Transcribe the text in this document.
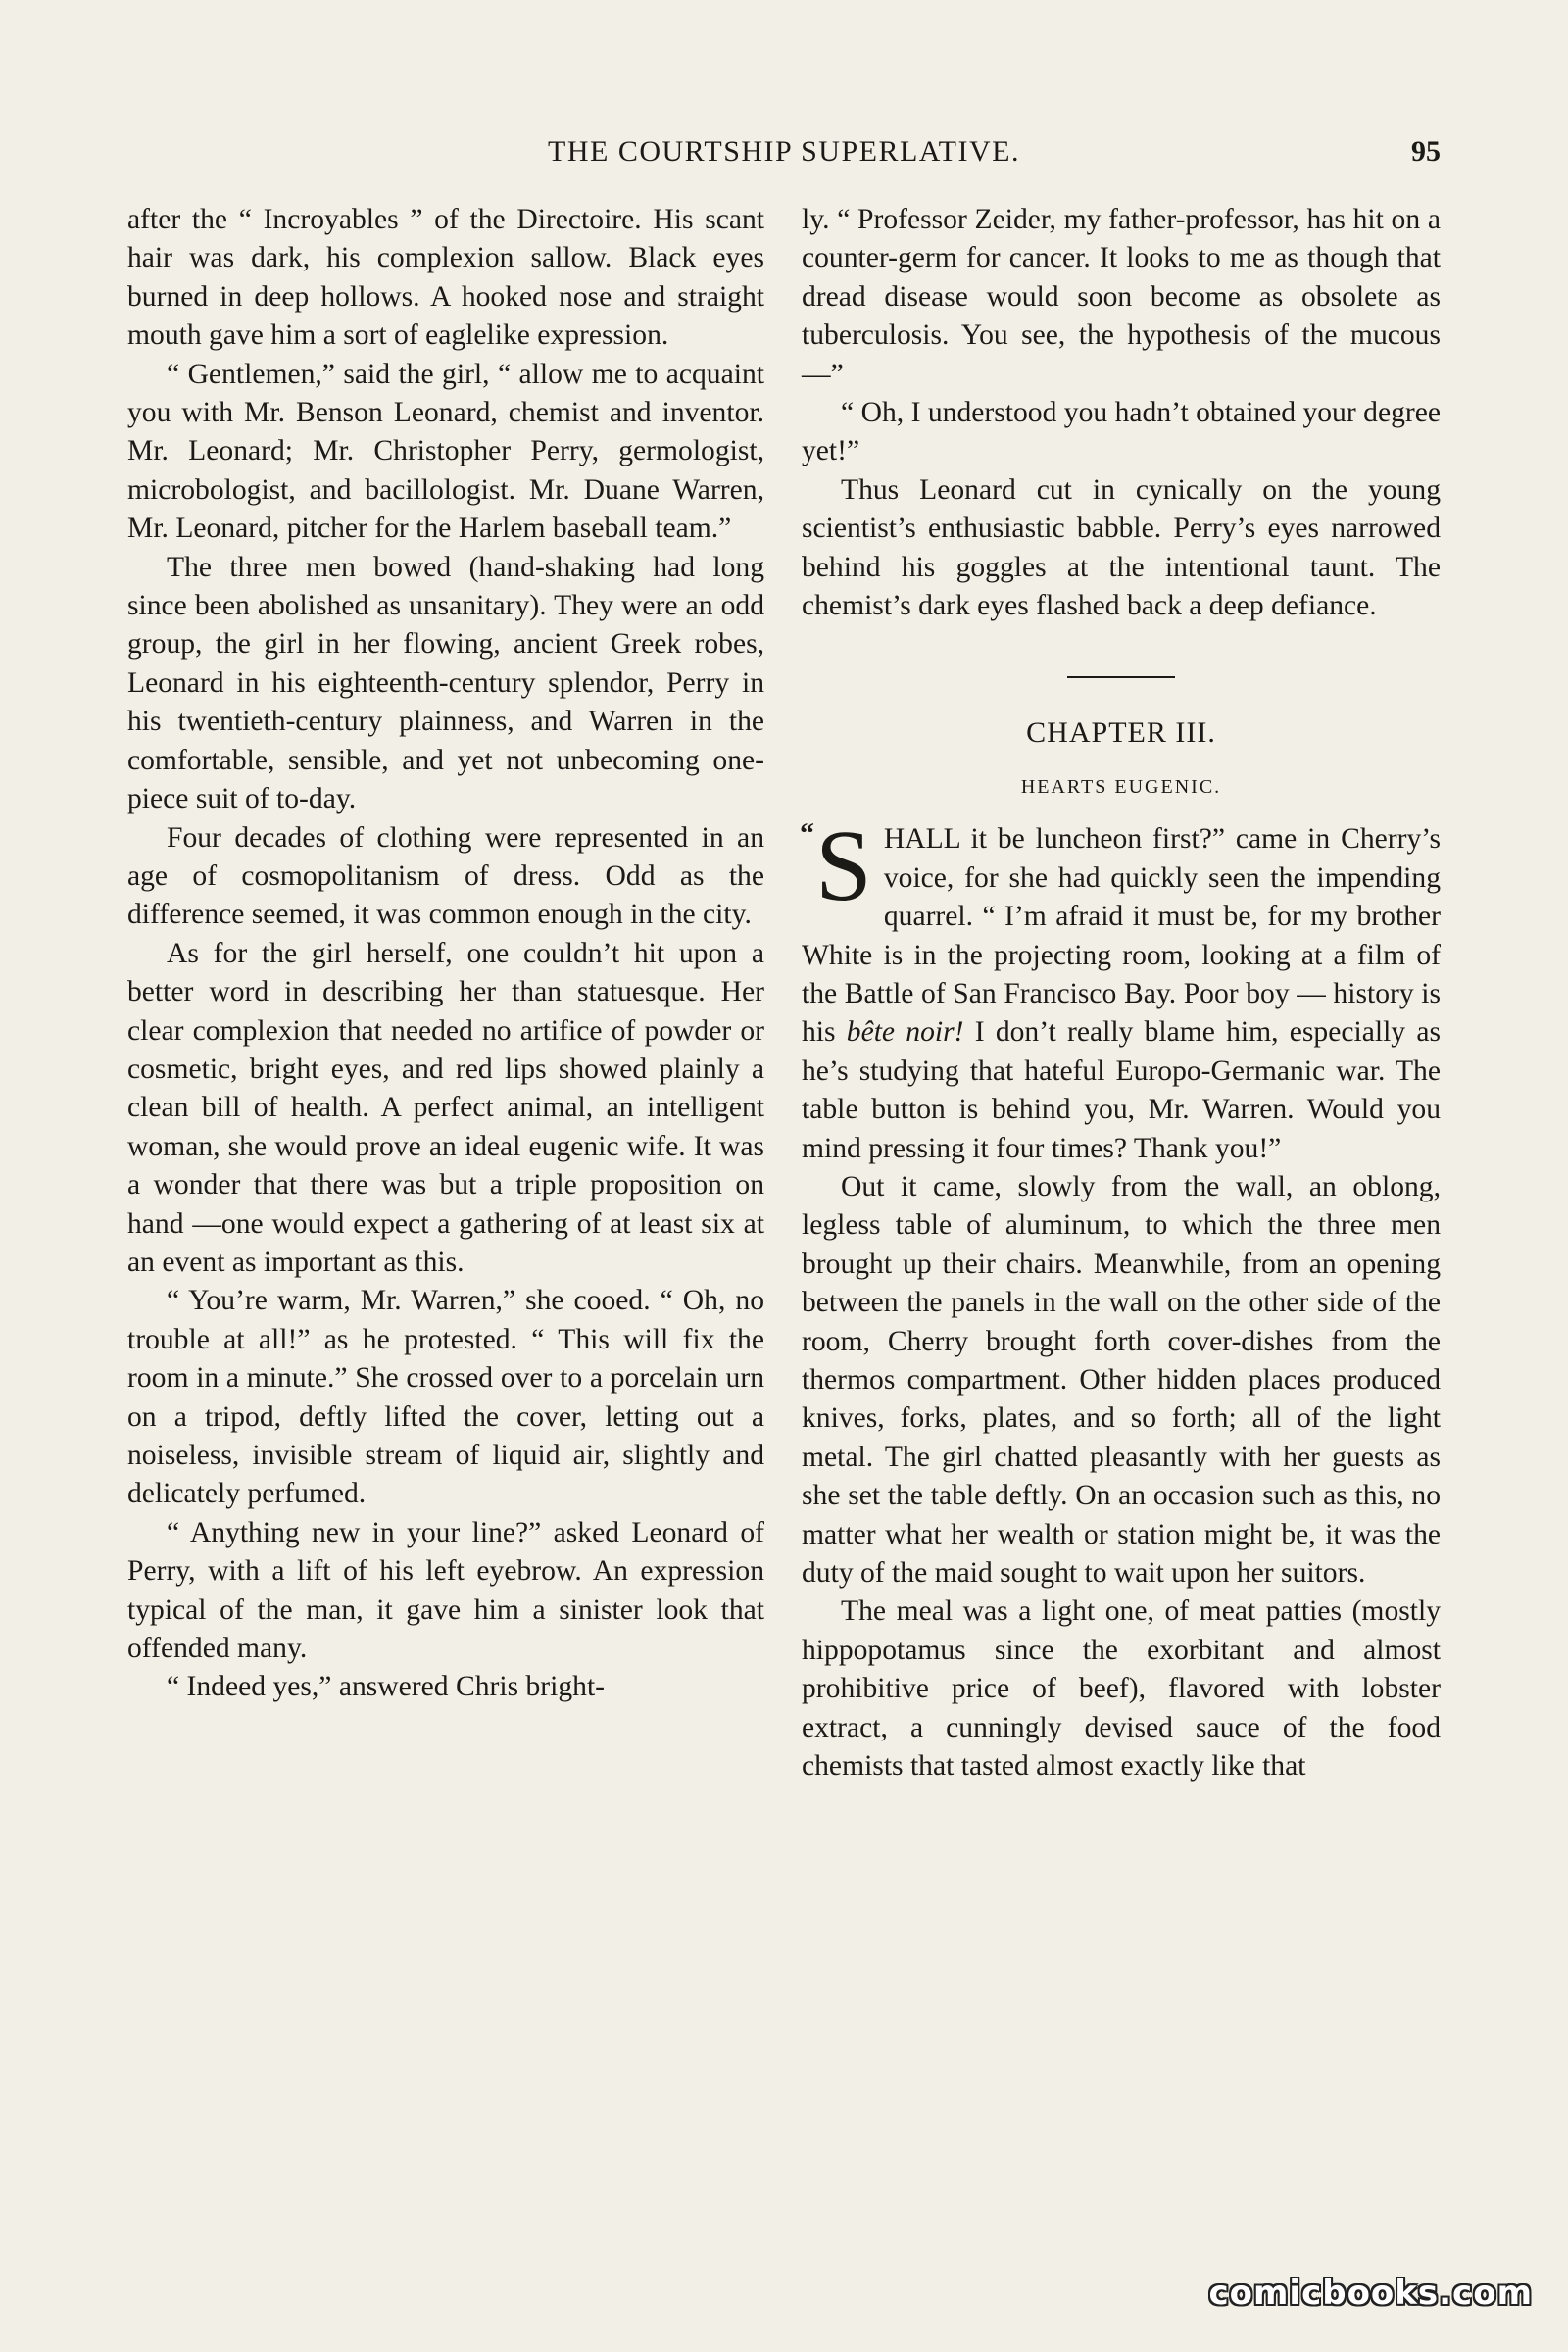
THE COURTSHIP SUPERLATIVE.	95

after the “ Incroyables ” of the Directoire. His scant hair was dark, his complexion sallow. Black eyes burned in deep hollows. A hooked nose and straight mouth gave him a sort of eaglelike expression.

“ Gentlemen,” said the girl, “ allow me to acquaint you with Mr. Benson Leonard, chemist and inventor. Mr. Leonard; Mr. Christopher Perry, germologist, microbologist, and bacillologist. Mr. Duane Warren, Mr. Leonard, pitcher for the Harlem baseball team.”

The three men bowed (hand-shaking had long since been abolished as unsanitary). They were an odd group, the girl in her flowing, ancient Greek robes, Leonard in his eighteenth-century splendor, Perry in his twentieth-century plainness, and Warren in the comfortable, sensible, and yet not unbecoming one-piece suit of to-day.

Four decades of clothing were represented in an age of cosmopolitanism of dress. Odd as the difference seemed, it was common enough in the city.

As for the girl herself, one couldn’t hit upon a better word in describing her than statuesque. Her clear complexion that needed no artifice of powder or cosmetic, bright eyes, and red lips showed plainly a clean bill of health. A perfect animal, an intelligent woman, she would prove an ideal eugenic wife. It was a wonder that there was but a triple proposition on hand —one would expect a gathering of at least six at an event as important as this.

“ You’re warm, Mr. Warren,” she cooed. “ Oh, no trouble at all!” as he protested. “ This will fix the room in a minute.” She crossed over to a porcelain urn on a tripod, deftly lifted the cover, letting out a noiseless, invisible stream of liquid air, slightly and delicately perfumed.

“ Anything new in your line?” asked Leonard of Perry, with a lift of his left eyebrow. An expression typical of the man, it gave him a sinister look that offended many.

“ Indeed yes,” answered Chris bright-

ly. “ Professor Zeider, my father-professor, has hit on a counter-germ for cancer. It looks to me as though that dread disease would soon become as obsolete as tuberculosis. You see, the hypothesis of the mucous—”

“ Oh, I understood you hadn’t obtained your degree yet!”

Thus Leonard cut in cynically on the young scientist’s enthusiastic babble. Perry’s eyes narrowed behind his goggles at the intentional taunt. The chemist’s dark eyes flashed back a deep defiance.

CHAPTER III.
HEARTS EUGENIC.
“ SHALL it be luncheon first?” came in Cherry’s voice, for she had quickly seen the impending quarrel. “ I’m afraid it must be, for my brother White is in the projecting room, looking at a film of the Battle of San Francisco Bay. Poor boy — history is his bête noir! I don’t really blame him, especially as he’s studying that hateful Europo-Germanic war. The table button is behind you, Mr. Warren. Would you mind pressing it four times? Thank you!”

Out it came, slowly from the wall, an oblong, legless table of aluminum, to which the three men brought up their chairs. Meanwhile, from an opening between the panels in the wall on the other side of the room, Cherry brought forth cover-dishes from the thermos compartment. Other hidden places produced knives, forks, plates, and so forth; all of the light metal. The girl chatted pleasantly with her guests as she set the table deftly. On an occasion such as this, no matter what her wealth or station might be, it was the duty of the maid sought to wait upon her suitors.

The meal was a light one, of meat patties (mostly hippopotamus since the exorbitant and almost prohibitive price of beef), flavored with lobster extract, a cunningly devised sauce of the food chemists that tasted almost exactly like that

comicbooks.com
